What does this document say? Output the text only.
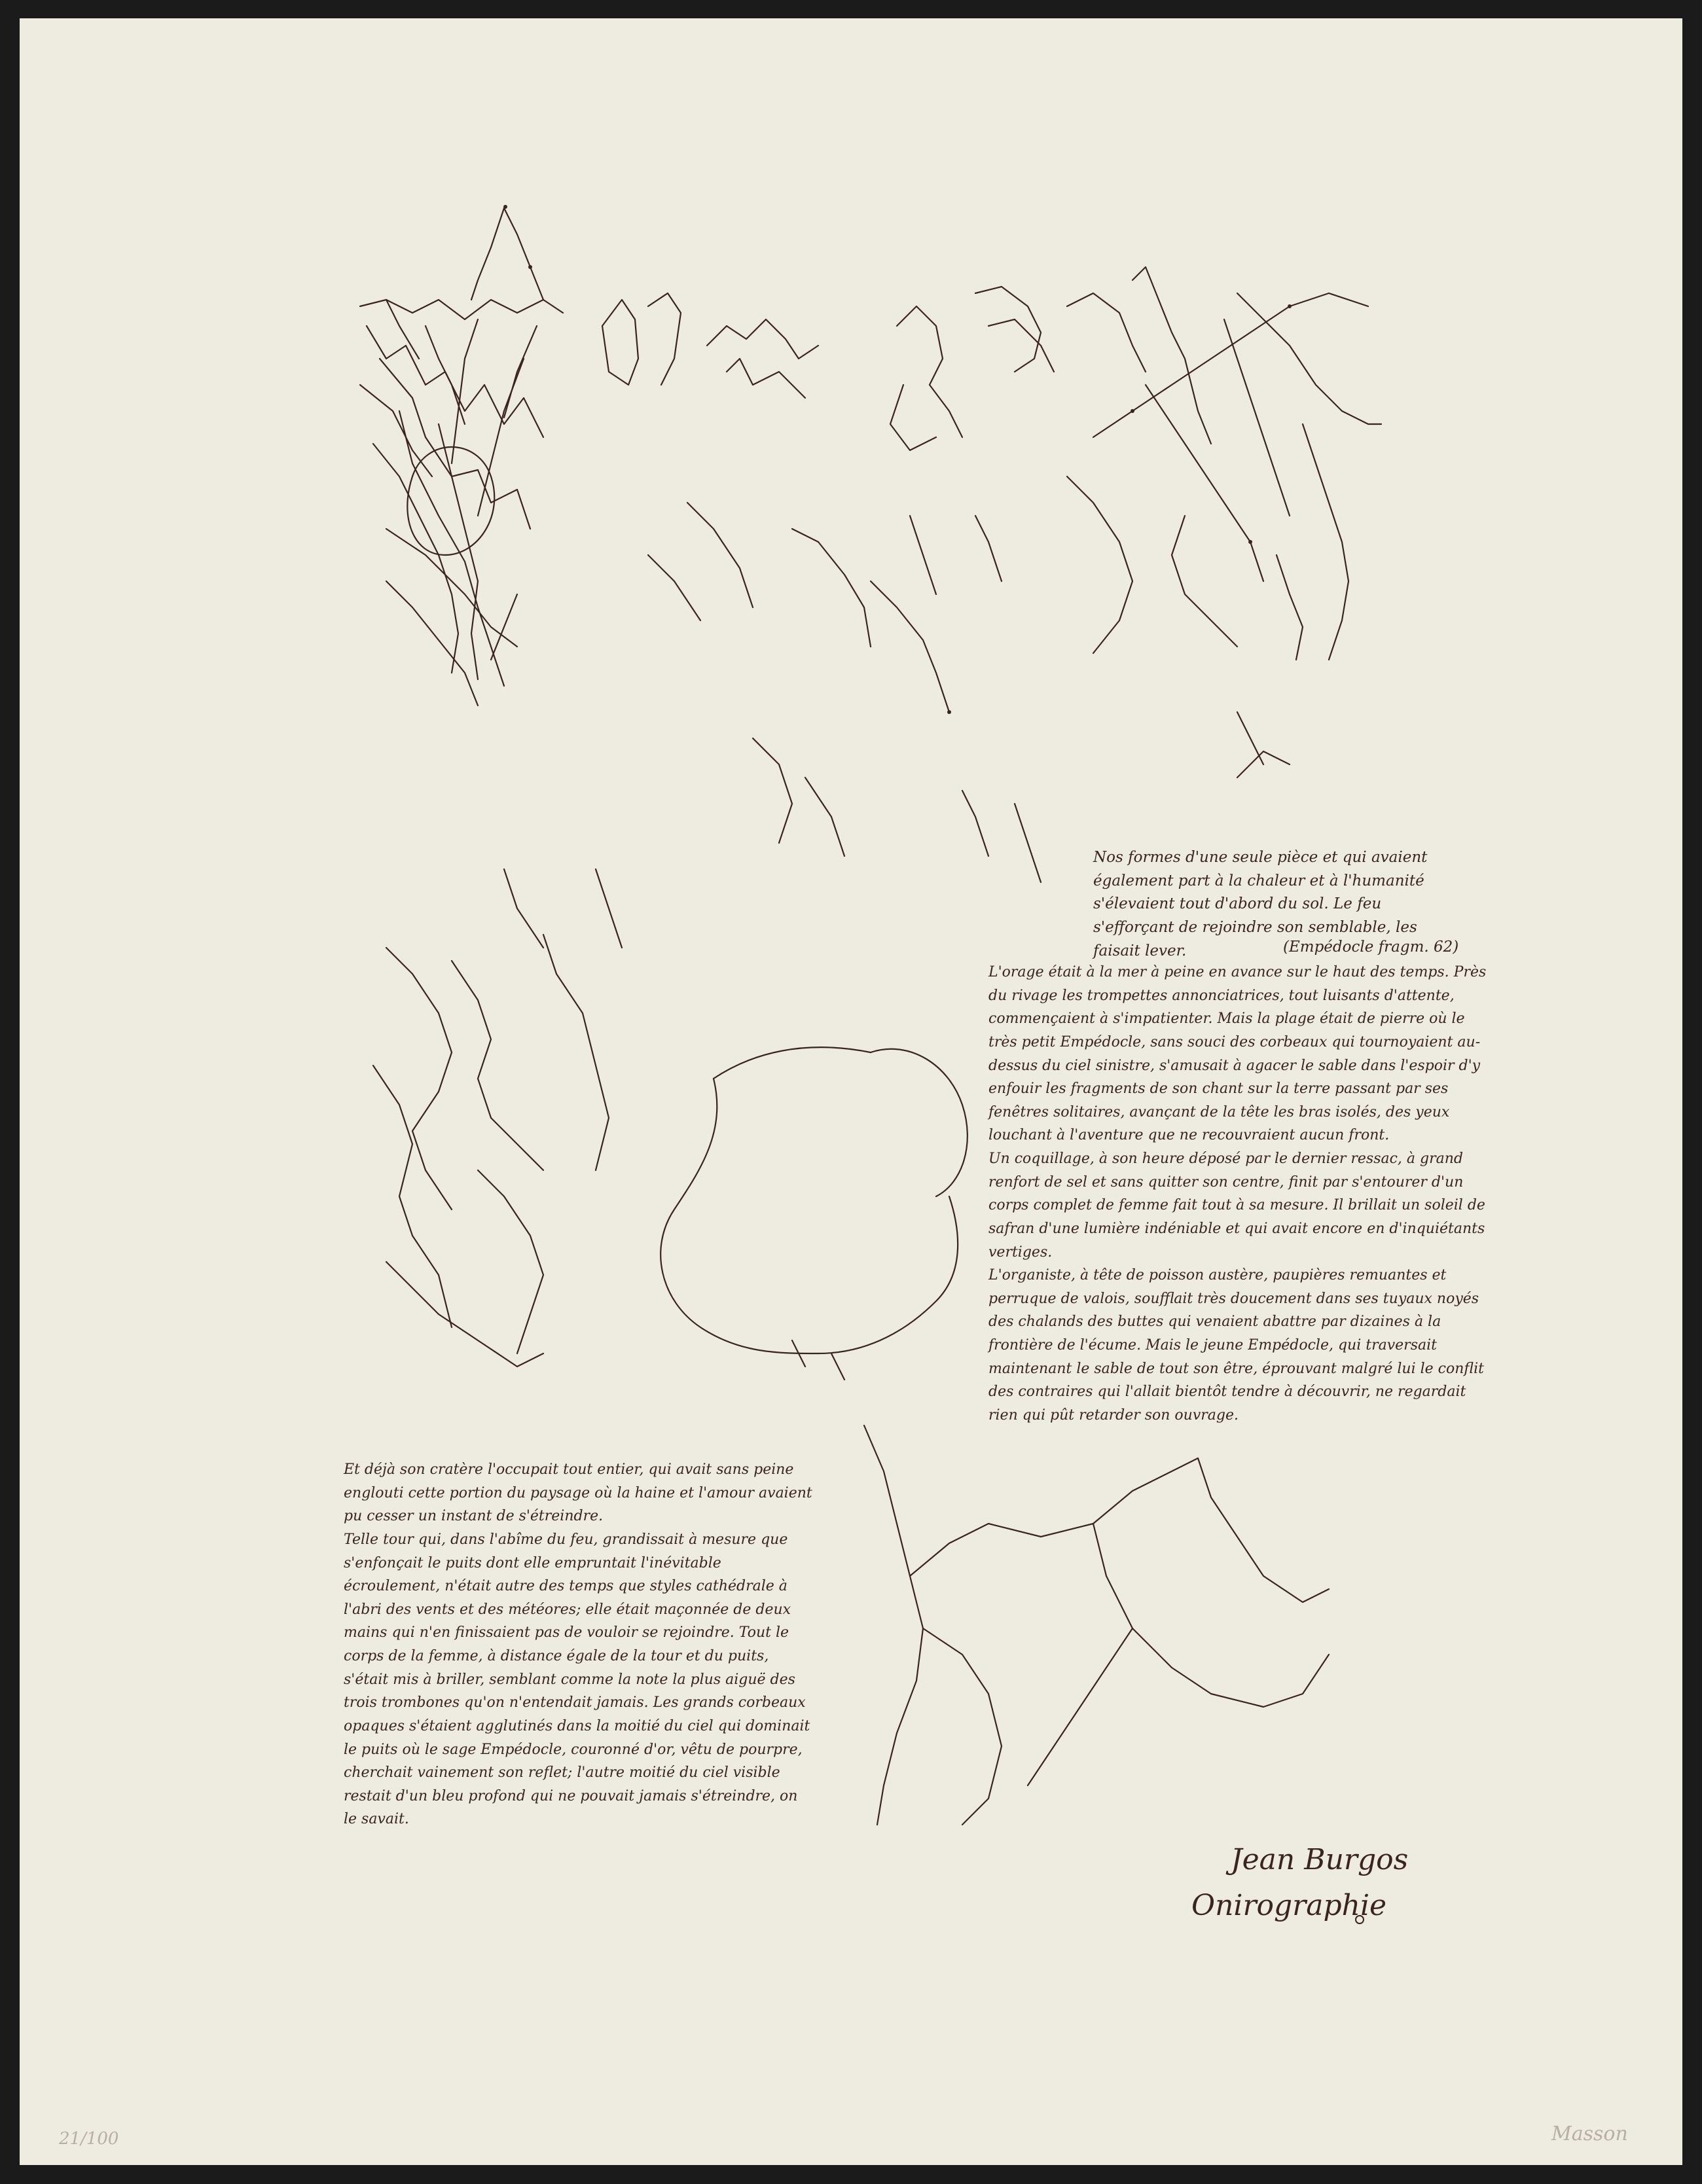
Nos formes d'une seule pièce et qui avaient également part à la chaleur et à l'humanité s'élevaient tout d'abord du sol. Le feu s'efforçant de rejoindre son semblable, les faisait lever.	(Empédocle fragm. 62)

L'orage était à la mer à peine en avance sur le haut des temps. Près du rivage les trompettes annonciatrices, tout luisants d'attente, commençaient à s'impatienter. Mais la plage était de pierre où le très petit Empédocle, sans souci des corbeaux qui tournoyaient au-dessus du ciel sinistre, s'amusait à agacer le sable dans l'espoir d'y enfouir les fragments de son chant sur la terre passant par ses fenêtres solitaires, avançant de la tête les bras isolés, des yeux louchant à l'aventure que ne recouvraient aucun front.
Un coquillage, à son heure déposé par le dernier ressac, à grand renfort de sel et sans quitter son centre, finit par s'entourer d'un corps complet de femme fait tout à sa mesure. Il brillait un soleil de safran d'une lumière indéniable et qui avait encore en d'inquiétants vertiges.
L'organiste, à tête de poisson austère, paupières remuantes et perruque de valois, soufflait très doucement dans ses tuyaux noyés des chalands des buttes qui venaient abattre par dizaines à la frontière de l'écume. Mais le jeune Empédocle, qui traversait maintenant le sable de tout son être, éprouvant malgré lui le conflit des contraires qui l'allait bientôt tendre à découvrir, ne regardait rien qui pût retarder son ouvrage.

Et déjà son cratère l'occupait tout entier, qui avait sans peine englouti cette portion du paysage où la haine et l'amour avaient pu cesser un instant de s'étreindre.
Telle tour qui, dans l'abîme du feu, grandissait à mesure que s'enfonçait le puits dont elle empruntait l'inévitable écroulement, n'était autre des temps que styles cathédrale à l'abri des vents et des météores; elle était maçonnée de deux mains qui n'en finissaient pas de vouloir se rejoindre. Tout le corps de la femme, à distance égale de la tour et du puits, s'était mis à briller, semblant comme la note la plus aiguë des trois trombones qu'on n'entendait jamais. Les grands corbeaux opaques s'étaient agglutinés dans la moitié du ciel qui dominait le puits où le sage Empédocle, couronné d'or, vêtu de pourpre, cherchait vainement son reflet; l'autre moitié du ciel visible restait d'un bleu profond qui ne pouvait jamais s'étreindre, on le savait.

Jean Burgos

Onirographie

21/100	Masson
